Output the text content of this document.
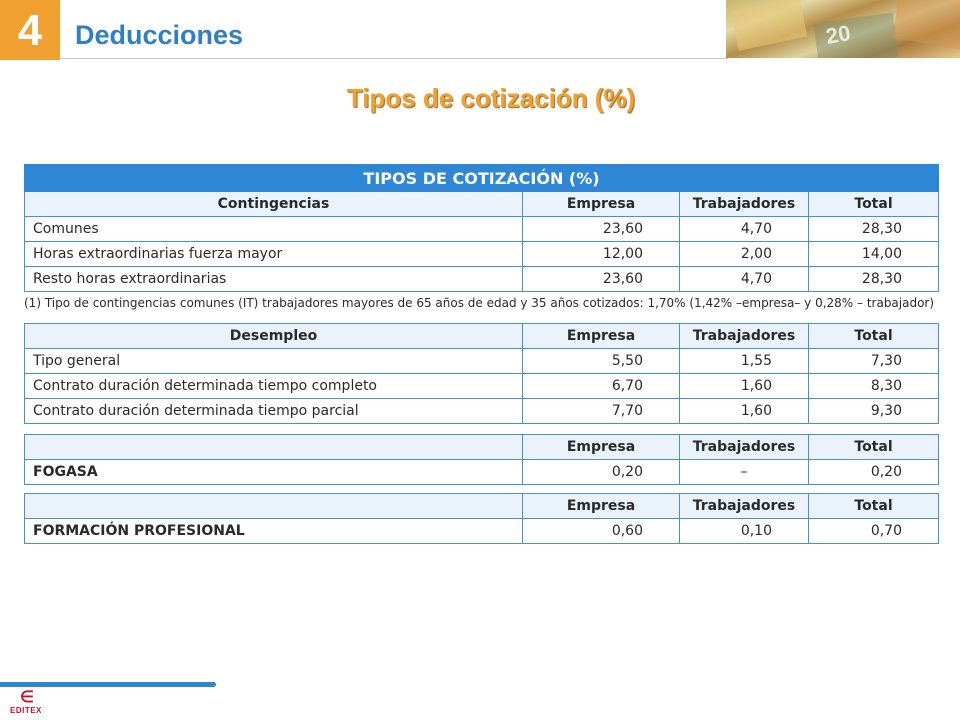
4	Deducciones	20
Tipos de cotización (%)
TIPOS DE COTIZACIÓN (%)			
Contingencias	Empresa	Trabajadores	Total
Comunes	23,60	4,70	28,30
Horas extraordinarias fuerza mayor	12,00	2,00	14,00
Resto horas extraordinarias	23,60	4,70	28,30
(1) Tipo de contingencias comunes (IT) trabajadores mayores de 65 años de edad y 35 años cotizados: 1,70% (1,42% –empresa– y 0,28% – trabajador)
Desempleo	Empresa	Trabajadores	Total
Tipo general	5,50	1,55	7,30
Contrato duración determinada tiempo completo	6,70	1,60	8,30
Contrato duración determinada tiempo parcial	7,70	1,60	9,30
	Empresa	Trabajadores	Total
FOGASA	0,20	–	0,20
	Empresa	Trabajadores	Total
FORMACIÓN PROFESIONAL	0,60	0,10	0,70
∈
EDITEX
